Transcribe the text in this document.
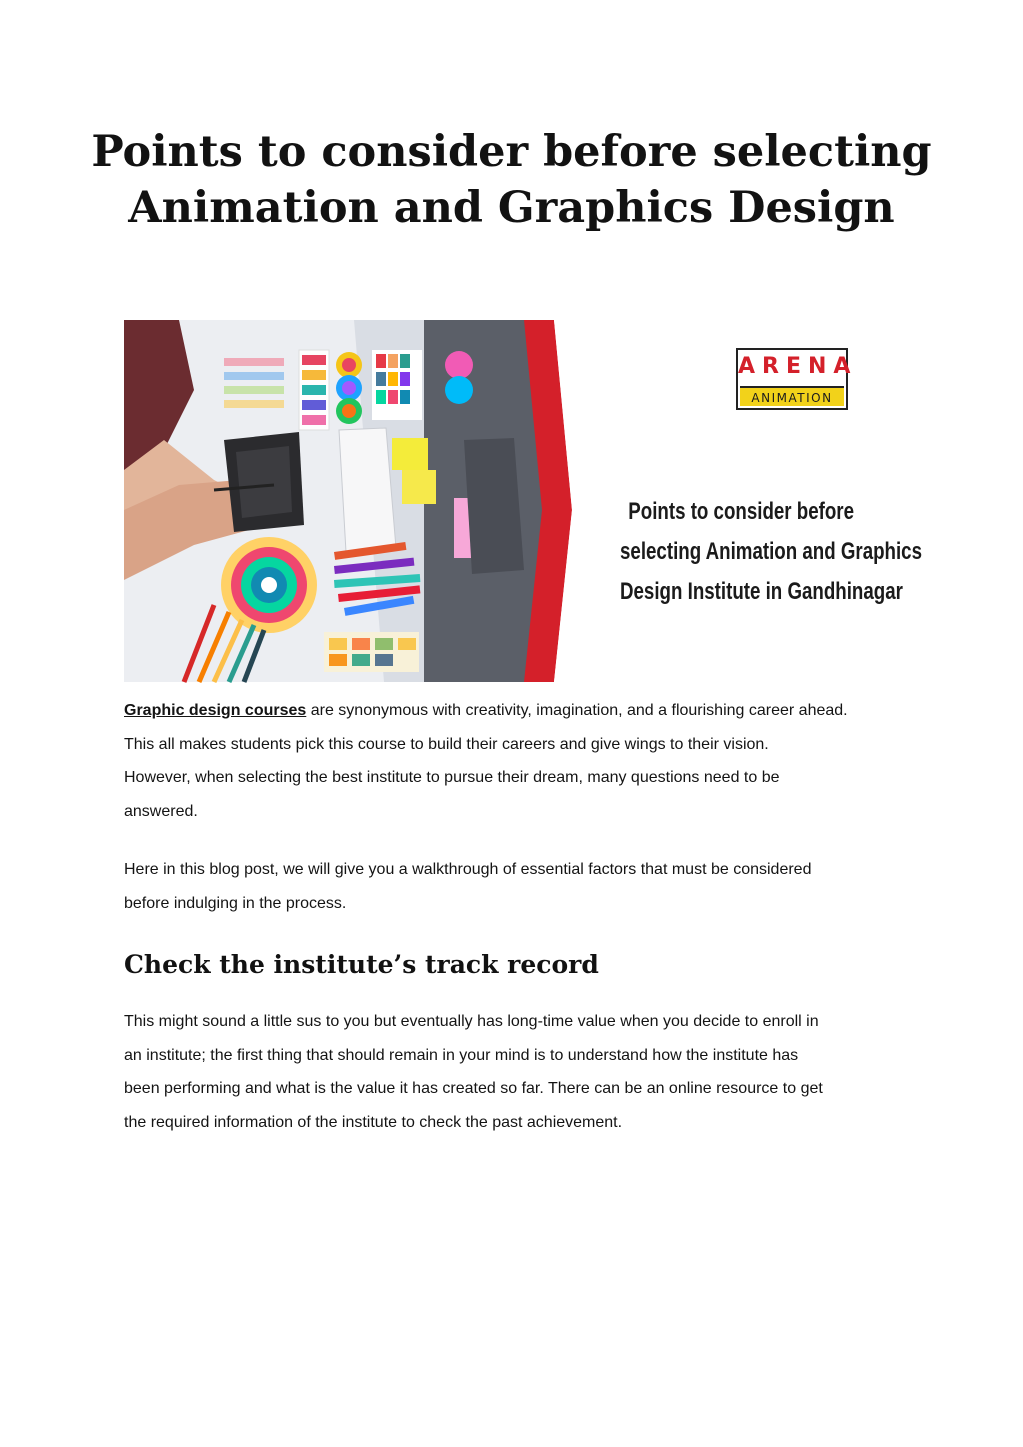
Points to consider before selecting
Animation and Graphics Design
ARENA
ANIMATION
Points to consider before
selecting Animation and Graphics
Design Institute in Gandhinagar

Graphic design courses are synonymous with creativity, imagination, and a flourishing career ahead.
This all makes students pick this course to build their careers and give wings to their vision.
However, when selecting the best institute to pursue their dream, many questions need to be
answered.

Here in this blog post, we will give you a walkthrough of essential factors that must be considered
before indulging in the process.

Check the institute’s track record

This might sound a little sus to you but eventually has long-time value when you decide to enroll in
an institute; the first thing that should remain in your mind is to understand how the institute has
been performing and what is the value it has created so far. There can be an online resource to get
the required information of the institute to check the past achievement.
